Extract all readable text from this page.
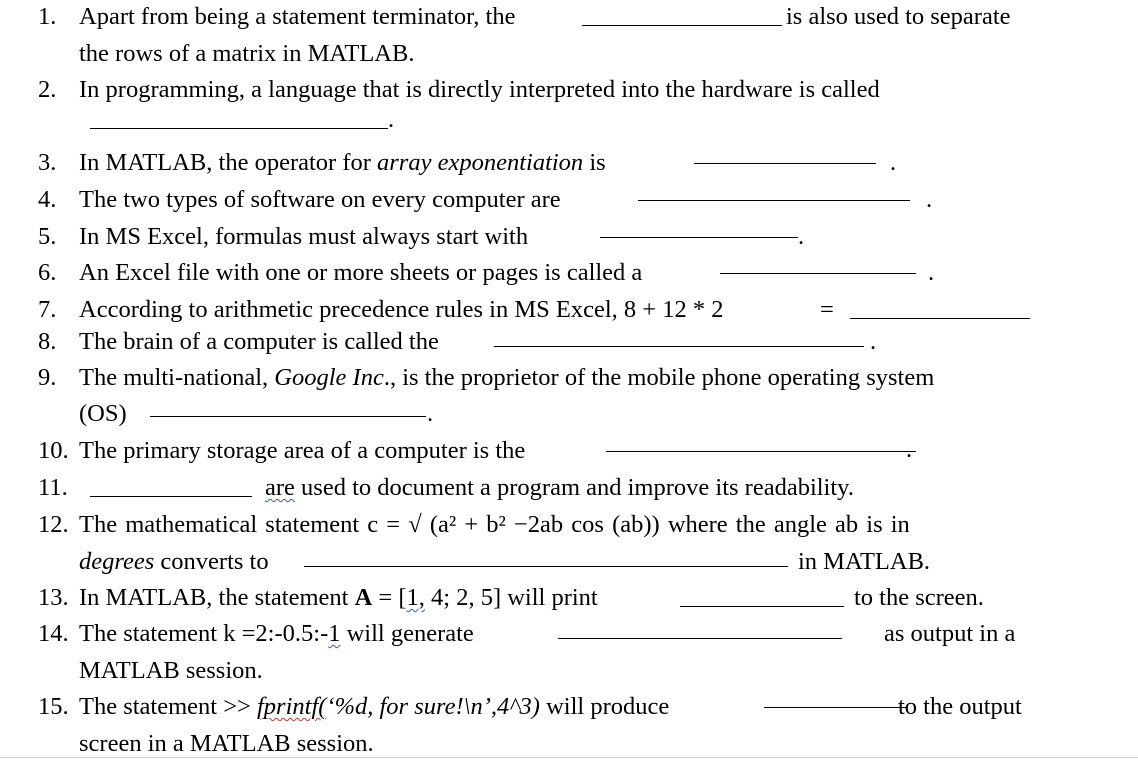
1. Apart from being a statement terminator, the	is also used to separate
the rows of a matrix in MATLAB.
2. In programming, a language that is directly interpreted into the hardware is called
.
3. In MATLAB, the operator for array exponentiation is	.
4. The two types of software on every computer are	.
5. In MS Excel, formulas must always start with	.
6. An Excel file with one or more sheets or pages is called a	.
7. According to arithmetic precedence rules in MS Excel, 8 + 12 * 2	=
8. The brain of a computer is called the	.
9. The multi-national, Google Inc., is the proprietor of the mobile phone operating system
(OS)	.
10. The primary storage area of a computer is the	.
11.	are used to document a program and improve its readability.
12. The mathematical statement c = √ (a² + b² −2ab cos (ab)) where the angle ab is in
degrees converts to	in MATLAB.
13. In MATLAB, the statement A = [1, 4; 2, 5] will print	to the screen.
14. The statement k =2:-0.5:-1 will generate	as output in a
MATLAB session.
15. The statement >> fprintf(‘%d, for sure!\n’,4^3) will produce	to the output
screen in a MATLAB session.
